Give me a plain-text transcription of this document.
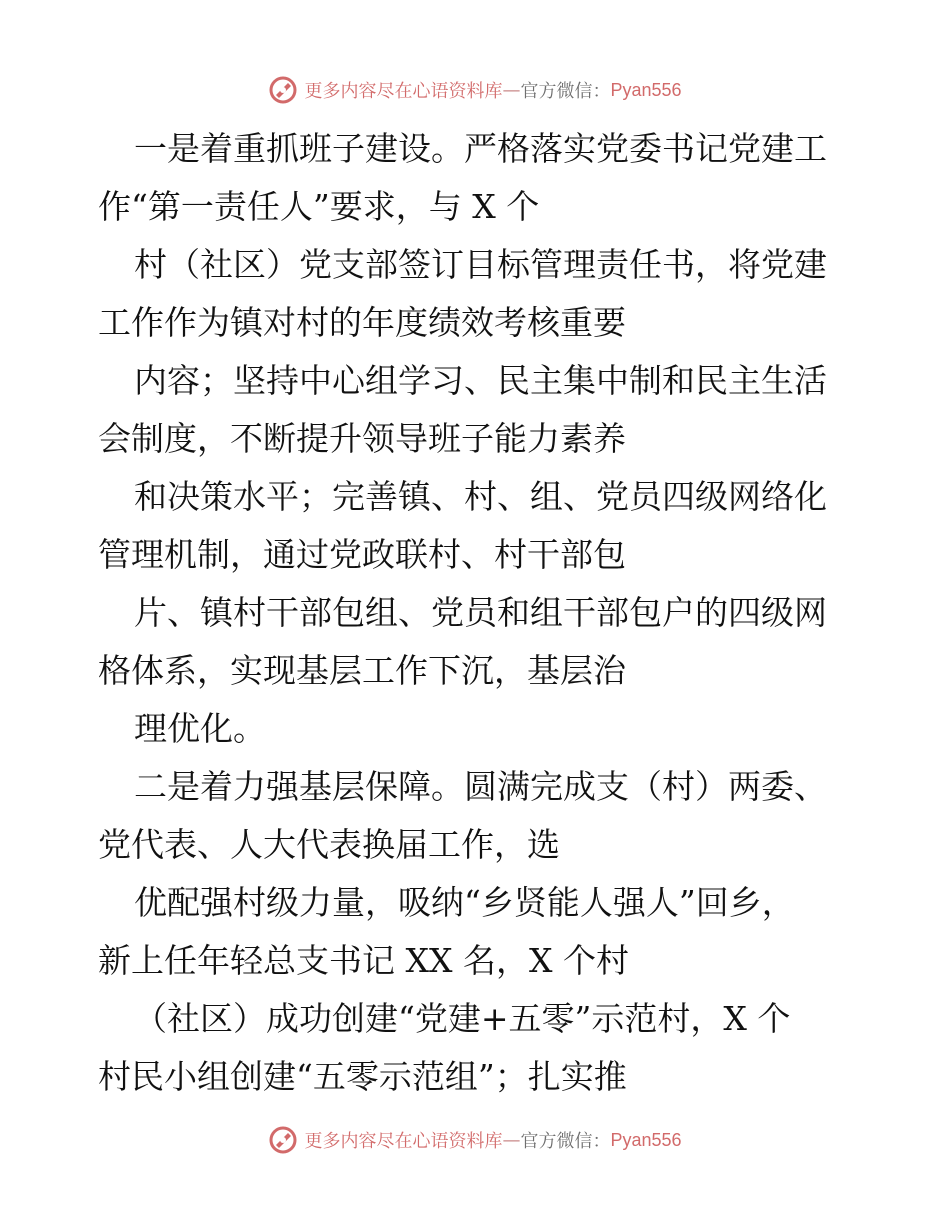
更多内容尽在心语资料库 — 官方微信： Pyan556
一是着重抓班子建设。严格落实党委书记党建工
作“第一责任人”要求，与 X 个
村（社区）党支部签订目标管理责任书，将党建
工作作为镇对村的年度绩效考核重要
内容；坚持中心组学习、民主集中制和民主生活
会制度，不断提升领导班子能力素养
和决策水平；完善镇、村、组、党员四级网络化
管理机制，通过党政联村、村干部包
片、镇村干部包组、党员和组干部包户的四级网
格体系，实现基层工作下沉，基层治
理优化。
二是着力强基层保障。圆满完成支（村）两委、
党代表、人大代表换届工作，选
优配强村级力量，吸纳“乡贤能人强人”回乡，
新上任年轻总支书记 XX 名，X 个村
（社区）成功创建“党建+五零”示范村，X 个
村民小组创建“五零示范组”；扎实推
更多内容尽在心语资料库 — 官方微信： Pyan556
